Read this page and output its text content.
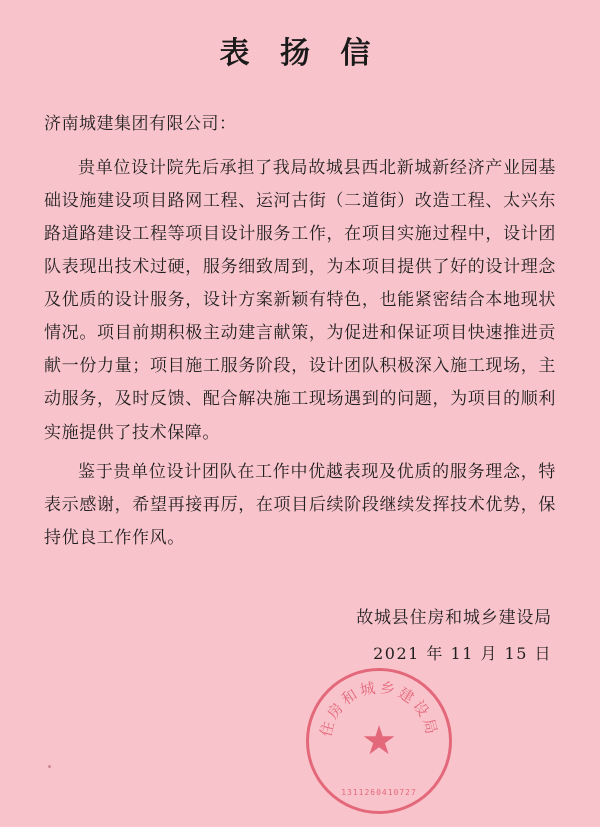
表 扬 信
济南城建集团有限公司：

贵单位设计院先后承担了我局故城县西北新城新经济产业园基础设施建设项目路网工程、运河古街（二道街）改造工程、太兴东路道路建设工程等项目设计服务工作，在项目实施过程中，设计团队表现出技术过硬，服务细致周到，为本项目提供了好的设计理念及优质的设计服务，设计方案新颖有特色，也能紧密结合本地现状情况。项目前期积极主动建言献策，为促进和保证项目快速推进贡献一份力量；项目施工服务阶段，设计团队积极深入施工现场，主动服务，及时反馈、配合解决施工现场遇到的问题，为项目的顺利实施提供了技术保障。

鉴于贵单位设计团队在工作中优越表现及优质的服务理念，特表示感谢，希望再接再厉，在项目后续阶段继续发挥技术优势，保持优良工作作风。

故城县住房和城乡建设局
2021 年 11 月 15 日
住房和城乡建设局
★
1311260410727
